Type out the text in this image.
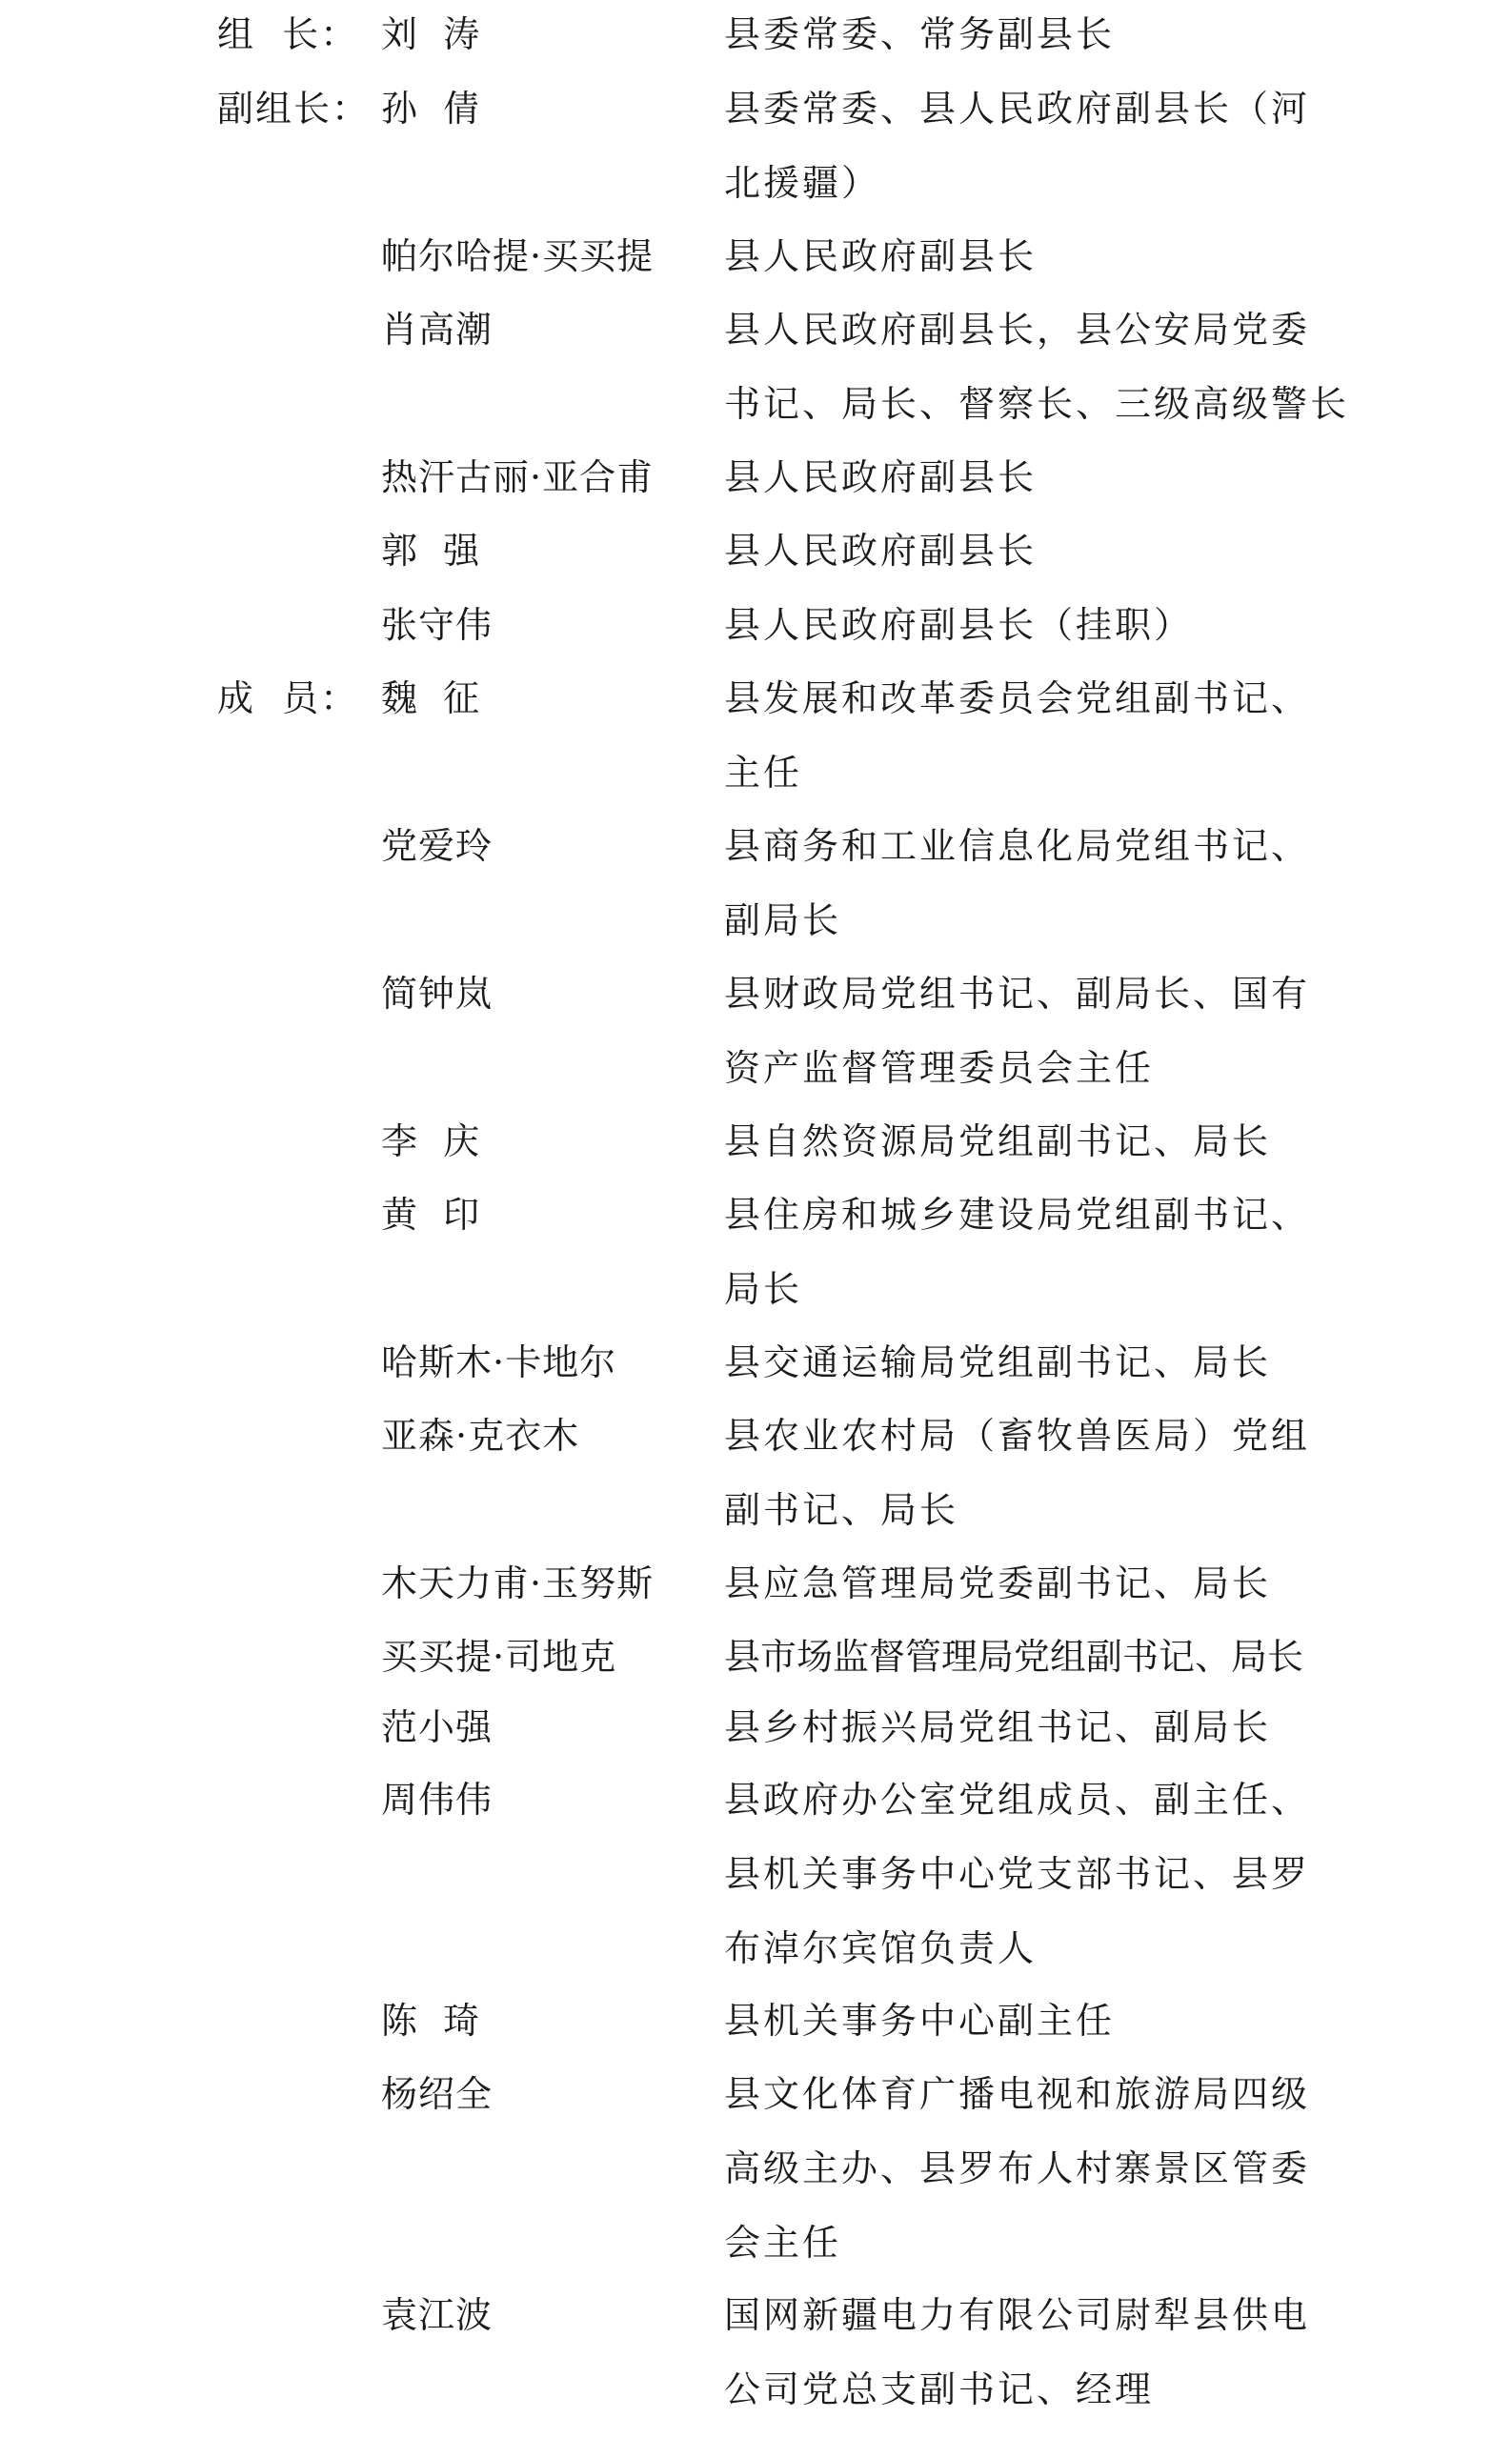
组  长： 刘  涛	县委常委、常务副县长
副组长： 孙  倩	县委常委、县人民政府副县长（河
北援疆）
帕尔哈提·买买提 县人民政府副县长
肖高潮	县人民政府副县长，县公安局党委
书记、局长、督察长、三级高级警长
热汗古丽·亚合甫 县人民政府副县长
郭  强	县人民政府副县长
张守伟	县人民政府副县长（挂职）
成  员： 魏  征	县发展和改革委员会党组副书记、
主任
党爱玲	县商务和工业信息化局党组书记、
副局长
简钟岚	县财政局党组书记、副局长、国有
资产监督管理委员会主任
李  庆	县自然资源局党组副书记、局长
黄  印	县住房和城乡建设局党组副书记、
局长
哈斯木·卡地尔	县交通运输局党组副书记、局长
亚森·克衣木	县农业农村局（畜牧兽医局）党组
副书记、局长
木天力甫·玉努斯 县应急管理局党委副书记、局长
买买提·司地克	县市场监督管理局党组副书记、局长
范小强	县乡村振兴局党组书记、副局长
周伟伟	县政府办公室党组成员、副主任、
县机关事务中心党支部书记、县罗
布淖尔宾馆负责人
陈  琦	县机关事务中心副主任
杨绍全	县文化体育广播电视和旅游局四级
高级主办、县罗布人村寨景区管委
会主任
袁江波	国网新疆电力有限公司尉犁县供电
公司党总支副书记、经理
